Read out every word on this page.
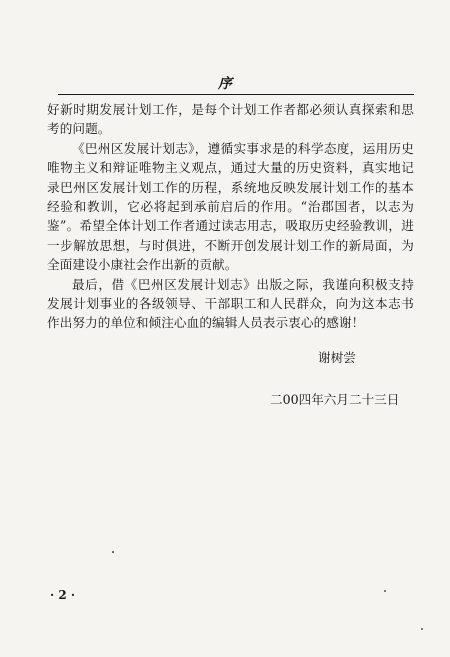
序

好新时期发展计划工作，是每个计划工作者都必须认真探索和思考的问题。

《巴州区发展计划志》，遵循实事求是的科学态度，运用历史唯物主义和辩证唯物主义观点，通过大量的历史资料，真实地记录巴州区发展计划工作的历程，系统地反映发展计划工作的基本经验和教训，它必将起到承前启后的作用。“治郡国者，以志为鉴”。希望全体计划工作者通过读志用志，吸取历史经验教训，进一步解放思想，与时俱进，不断开创发展计划工作的新局面，为全面建设小康社会作出新的贡献。

最后，借《巴州区发展计划志》出版之际，我谨向积极支持发展计划事业的各级领导、干部职工和人民群众，向为这本志书作出努力的单位和倾注心血的编辑人员表示衷心的感谢！

谢树尝
二00四年六月二十三日
· 2 ·
